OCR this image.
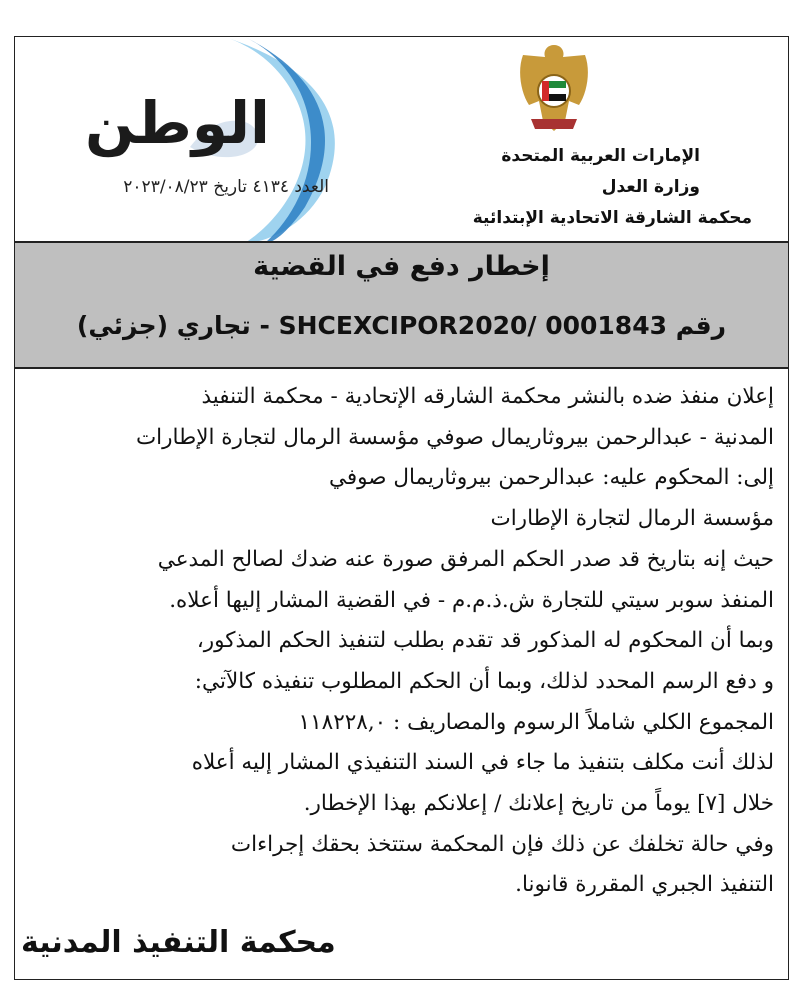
الوطن
العدد ٤١٣٤ تاريخ ٢٠٢٣/٠٨/٢٣
الإمارات العربية المتحدة
وزارة العدل
محكمة الشارقة الاتحادية الإبتدائية
إخطار دفع في القضية
رقم SHCEXCIPOR2020/ 0001843 - تجاري (جزئي)

إعلان منفذ ضده بالنشر محكمة الشارقه الإتحادية - محكمة التنفيذ

المدنية - عبدالرحمن بيروثاريمال صوفي مؤسسة الرمال لتجارة الإطارات

إلى: المحكوم عليه: عبدالرحمن بيروثاريمال صوفي

مؤسسة الرمال لتجارة الإطارات

حيث إنه بتاريخ قد صدر الحكم المرفق صورة عنه ضدك لصالح المدعي

المنفذ سوبر سيتي للتجارة ش.ذ.م.م - في القضية المشار إليها أعلاه.

وبما أن المحكوم له المذكور قد تقدم بطلب لتنفيذ الحكم المذكور،

و دفع الرسم المحدد لذلك، وبما أن الحكم المطلوب تنفيذه كالآتي:

المجموع الكلي شاملاً الرسوم والمصاريف : ١١٨٢٢٨,٠

لذلك أنت مكلف بتنفيذ ما جاء في السند التنفيذي المشار إليه أعلاه

خلال [٧] يوماً من تاريخ إعلانك / إعلانكم بهذا الإخطار.

وفي حالة تخلفك عن ذلك فإن المحكمة ستتخذ بحقك إجراءات

التنفيذ الجبري المقررة قانونا.

محكمة التنفيذ المدنية
